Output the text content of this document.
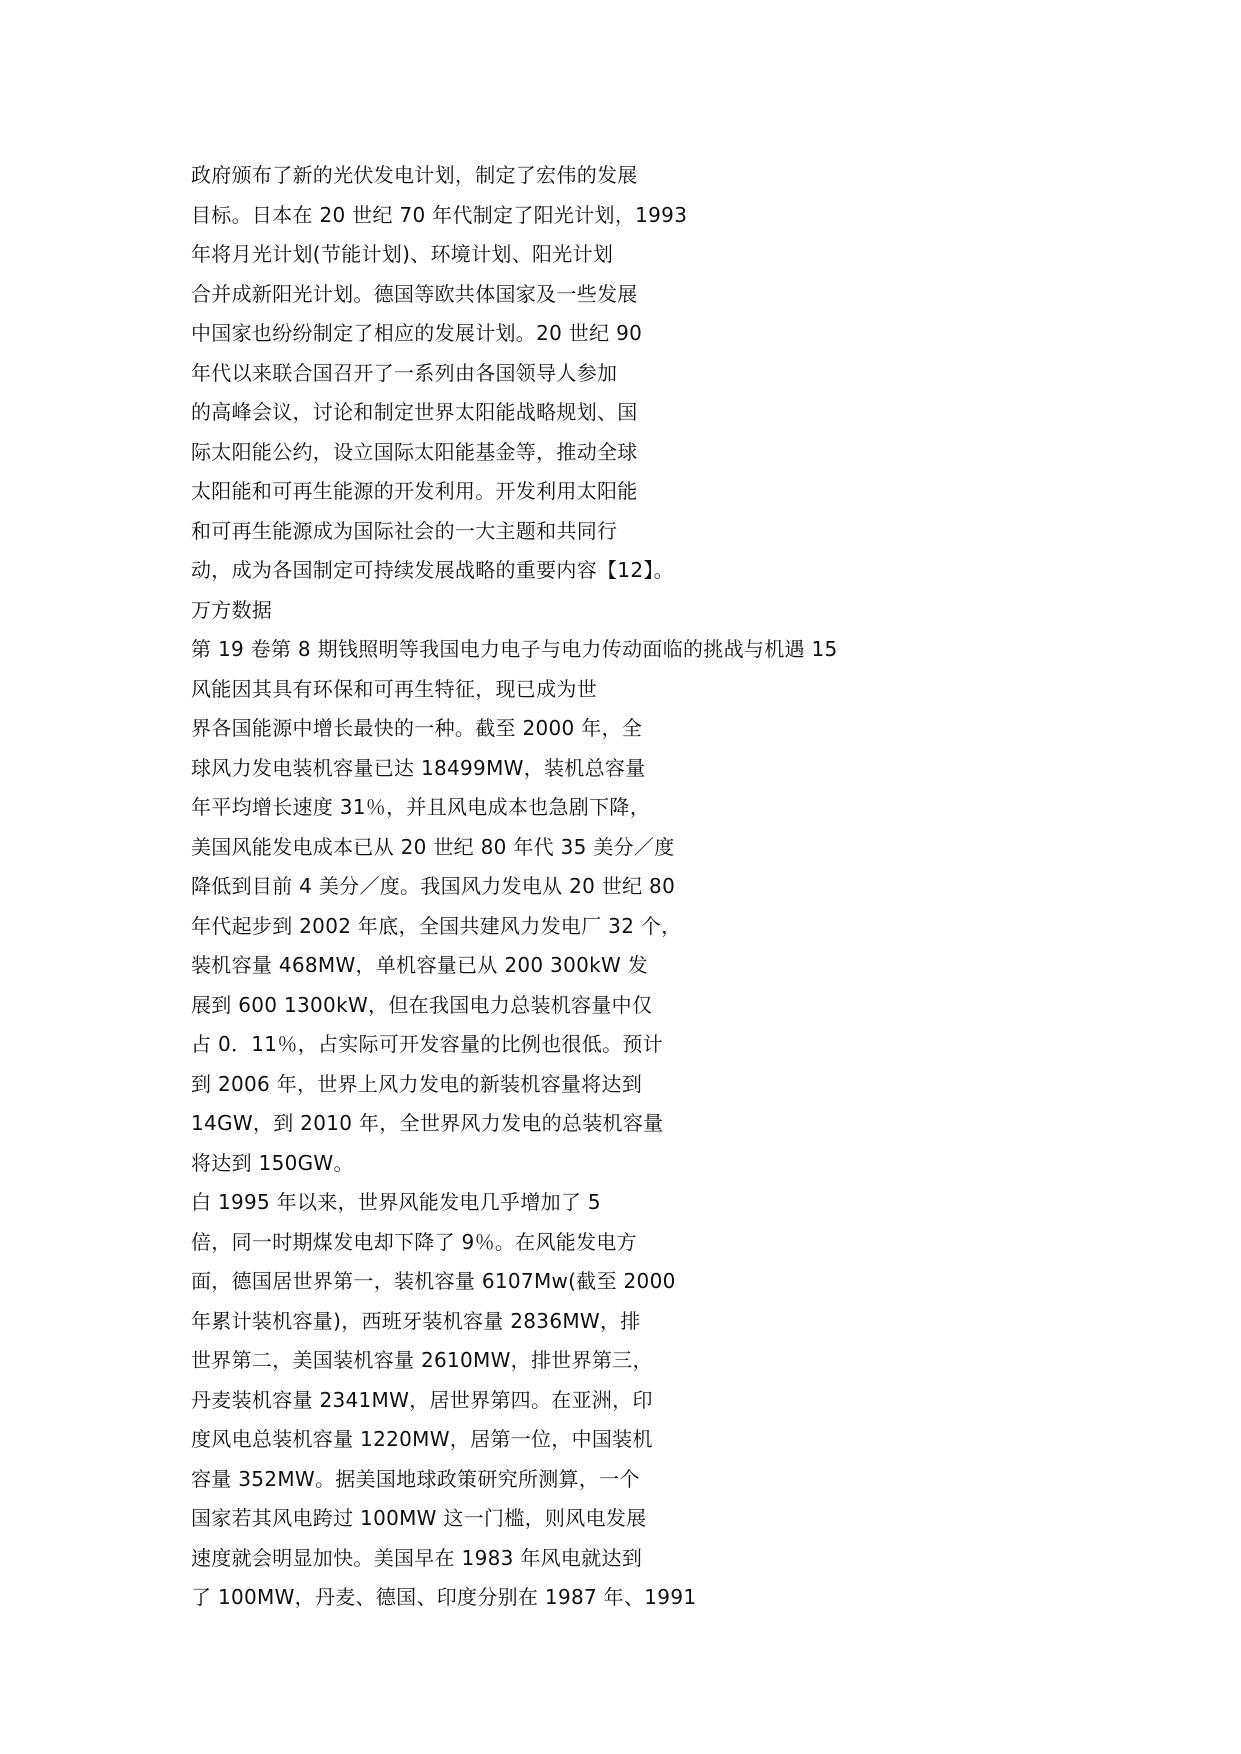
政府颁布了新的光伏发电计划，制定了宏伟的发展
目标。日本在 20 世纪 70 年代制定了阳光计划，1993
年将月光计划(节能计划)、环境计划、阳光计划
合并成新阳光计划。德国等欧共体国家及一些发展
中国家也纷纷制定了相应的发展计划。20 世纪 90
年代以来联合国召开了一系列由各国领导人参加
的高峰会议，讨论和制定世界太阳能战略规划、国
际太阳能公约，设立国际太阳能基金等，推动全球
太阳能和可再生能源的开发利用。开发利用太阳能
和可再生能源成为国际社会的一大主题和共同行
动，成为各国制定可持续发展战略的重要内容【12】。
万方数据
第 19 卷第 8 期钱照明等我国电力电子与电力传动面临的挑战与机遇 15
风能因其具有环保和可再生特征，现已成为世
界各国能源中增长最快的一种。截至 2000 年，全
球风力发电装机容量已达 18499MW，装机总容量
年平均增长速度 31％，并且风电成本也急剧下降，
美国风能发电成本已从 20 世纪 80 年代 35 美分／度
降低到目前 4 美分／度。我国风力发电从 20 世纪 80
年代起步到 2002 年底，全国共建风力发电厂 32 个，
装机容量 468MW，单机容量已从 200 300kW 发
展到 600 1300kW，但在我国电力总装机容量中仅
占 0．11％，占实际可开发容量的比例也很低。预计
到 2006 年，世界上风力发电的新装机容量将达到
14GW，到 2010 年，全世界风力发电的总装机容量
将达到 150GW。
白 1995 年以来，世界风能发电几乎增加了 5
倍，同一时期煤发电却下降了 9％。在风能发电方
面，德国居世界第一，装机容量 6107Mw(截至 2000
年累计装机容量)，西班牙装机容量 2836MW，排
世界第二，美国装机容量 2610MW，排世界第三，
丹麦装机容量 2341MW，居世界第四。在亚洲，印
度风电总装机容量 1220MW，居第一位，中国装机
容量 352MW。据美国地球政策研究所测算，一个
国家若其风电跨过 100MW 这一门槛，则风电发展
速度就会明显加快。美国早在 1983 年风电就达到
了 100MW，丹麦、德国、印度分别在 1987 年、1991
